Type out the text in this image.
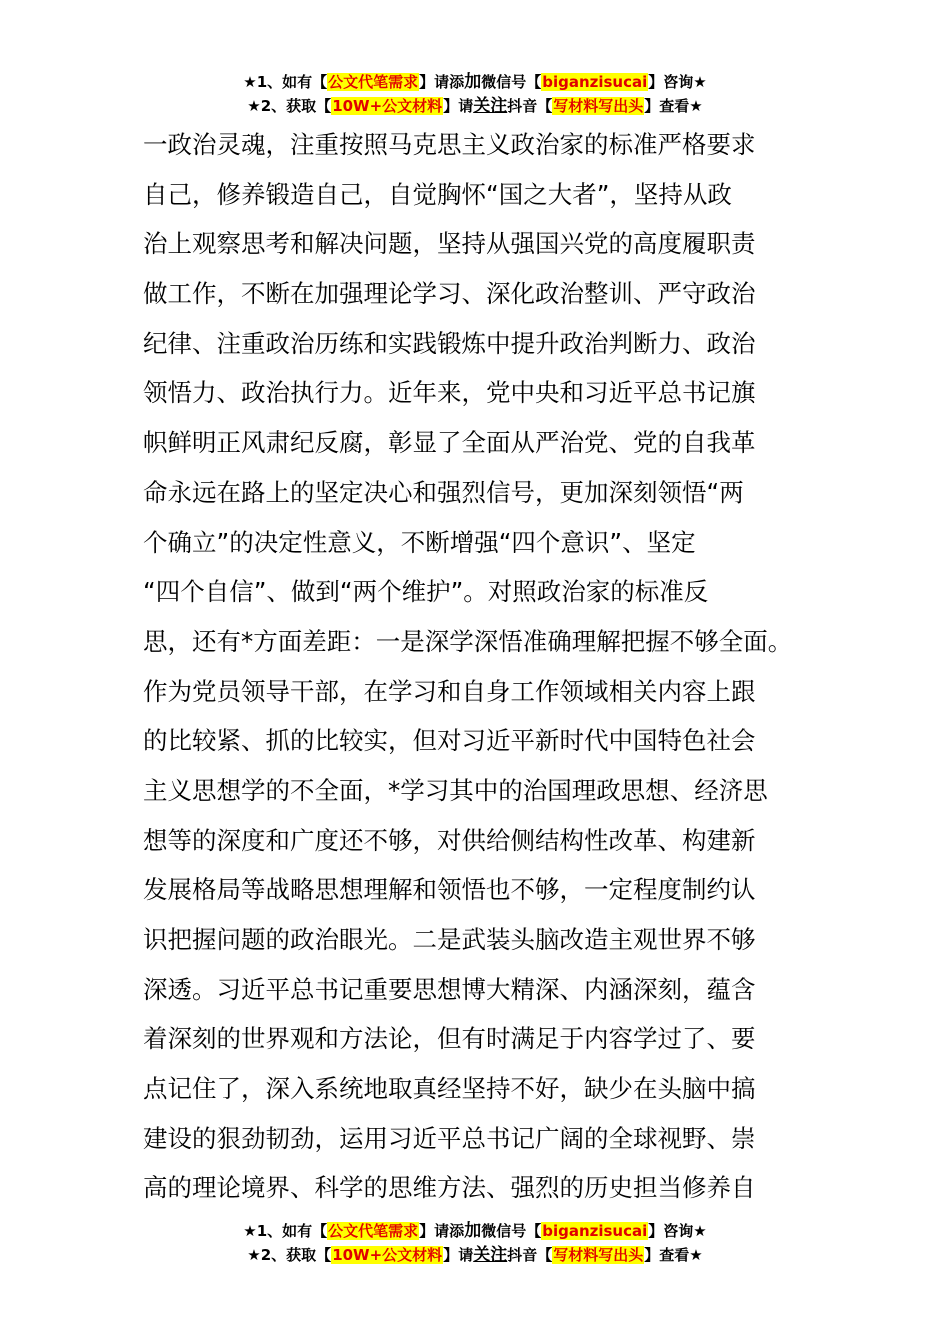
★1、如有【公文代笔需求】请添加微信号【biganzisucai】咨询★
★2、获取【10W+公文材料】请关注抖音【写材料写出头】查看★
一政治灵魂，注重按照马克思主义政治家的标准严格要求
自己，修养锻造自己，自觉胸怀“国之大者”，坚持从政
治上观察思考和解决问题，坚持从强国兴党的高度履职责
做工作，不断在加强理论学习、深化政治整训、严守政治
纪律、注重政治历练和实践锻炼中提升政治判断力、政治
领悟力、政治执行力。近年来，党中央和习近平总书记旗
帜鲜明正风肃纪反腐，彰显了全面从严治党、党的自我革
命永远在路上的坚定决心和强烈信号，更加深刻领悟“两
个确立”的决定性意义，不断增强“四个意识”、坚定
“四个自信”、做到“两个维护”。对照政治家的标准反
思，还有*方面差距：一是深学深悟准确理解把握不够全面。
作为党员领导干部，在学习和自身工作领域相关内容上跟
的比较紧、抓的比较实，但对习近平新时代中国特色社会
主义思想学的不全面，*学习其中的治国理政思想、经济思
想等的深度和广度还不够，对供给侧结构性改革、构建新
发展格局等战略思想理解和领悟也不够，一定程度制约认
识把握问题的政治眼光。二是武装头脑改造主观世界不够
深透。习近平总书记重要思想博大精深、内涵深刻，蕴含
着深刻的世界观和方法论，但有时满足于内容学过了、要
点记住了，深入系统地取真经坚持不好，缺少在头脑中搞
建设的狠劲韧劲，运用习近平总书记广阔的全球视野、崇
高的理论境界、科学的思维方法、强烈的历史担当修养自
★1、如有【公文代笔需求】请添加微信号【biganzisucai】咨询★
★2、获取【10W+公文材料】请关注抖音【写材料写出头】查看★
